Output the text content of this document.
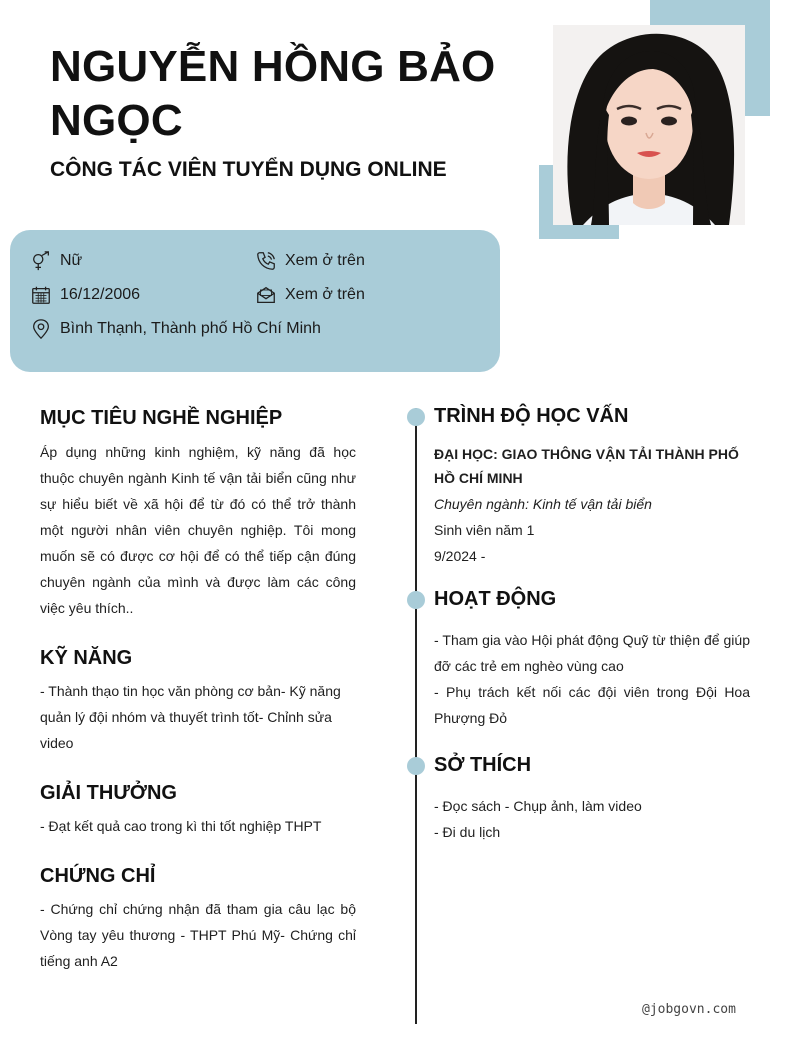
NGUYỄN HỒNG BẢO NGỌC
CÔNG TÁC VIÊN TUYỂN DỤNG ONLINE
Nữ	Xem ở trên
16/12/2006	Xem ở trên
Bình Thạnh, Thành phố Hồ Chí Minh
MỤC TIÊU NGHỀ NGHIỆP
Áp dụng những kinh nghiệm, kỹ năng đã học thuộc chuyên ngành Kinh tế vận tải biển cũng như sự hiểu biết về xã hội để từ đó có thể trở thành một người nhân viên chuyên nghiệp. Tôi mong muốn sẽ có được cơ hội để có thể tiếp cận đúng chuyên ngành của mình và được làm các công việc yêu thích..
KỸ NĂNG
- Thành thạo tin học văn phòng cơ bản- Kỹ năng quản lý đội nhóm và thuyết trình tốt- Chỉnh sửa video
GIẢI THƯỞNG
- Đạt kết quả cao trong kì thi tốt nghiệp THPT
CHỨNG CHỈ
- Chứng chỉ chứng nhận đã tham gia câu lạc bộ Vòng tay yêu thương - THPT Phú Mỹ- Chứng chỉ tiếng anh A2
TRÌNH ĐỘ HỌC VẤN
ĐẠI HỌC: GIAO THÔNG VẬN TẢI THÀNH PHỐ HỒ CHÍ MINH
Chuyên ngành: Kinh tế vận tải biển
Sinh viên năm 1
9/2024 -
HOẠT ĐỘNG
- Tham gia vào Hội phát động Quỹ từ thiện để giúp đỡ các trẻ em nghèo vùng cao
- Phụ trách kết nối các đội viên trong Đội Hoa Phượng Đỏ
SỞ THÍCH
- Đọc sách - Chụp ảnh, làm video
- Đi du lịch
@jobgovn.com
